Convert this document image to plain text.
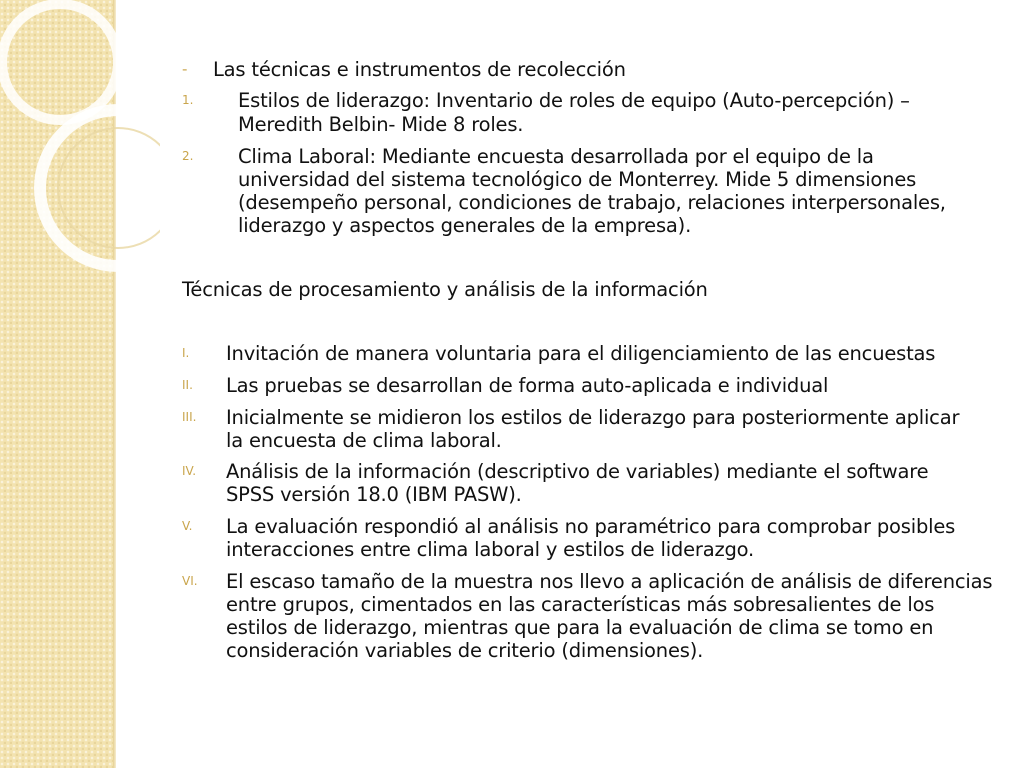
- Las técnicas e instrumentos de recolección
1. Estilos de liderazgo: Inventario de roles de equipo (Auto-percepción) –
Meredith Belbin- Mide 8 roles.
2. Clima Laboral: Mediante encuesta desarrollada por el equipo de la
universidad del sistema tecnológico de Monterrey. Mide 5 dimensiones
(desempeño personal, condiciones de trabajo, relaciones interpersonales,
liderazgo y aspectos generales de la empresa).
Técnicas de procesamiento y análisis de la información
I. Invitación de manera voluntaria para el diligenciamiento de las encuestas
II. Las pruebas se desarrollan de forma auto-aplicada e individual
III. Inicialmente se midieron los estilos de liderazgo para posteriormente aplicar
la encuesta de clima laboral.
IV. Análisis de la información (descriptivo de variables) mediante el software
SPSS versión 18.0 (IBM PASW).
V. La evaluación respondió al análisis no paramétrico para comprobar posibles
interacciones entre clima laboral y estilos de liderazgo.
VI. El escaso tamaño de la muestra nos llevo a aplicación de análisis de diferencias
entre grupos, cimentados en las características más sobresalientes de los
estilos de liderazgo, mientras que para la evaluación de clima se tomo en
consideración variables de criterio (dimensiones).
